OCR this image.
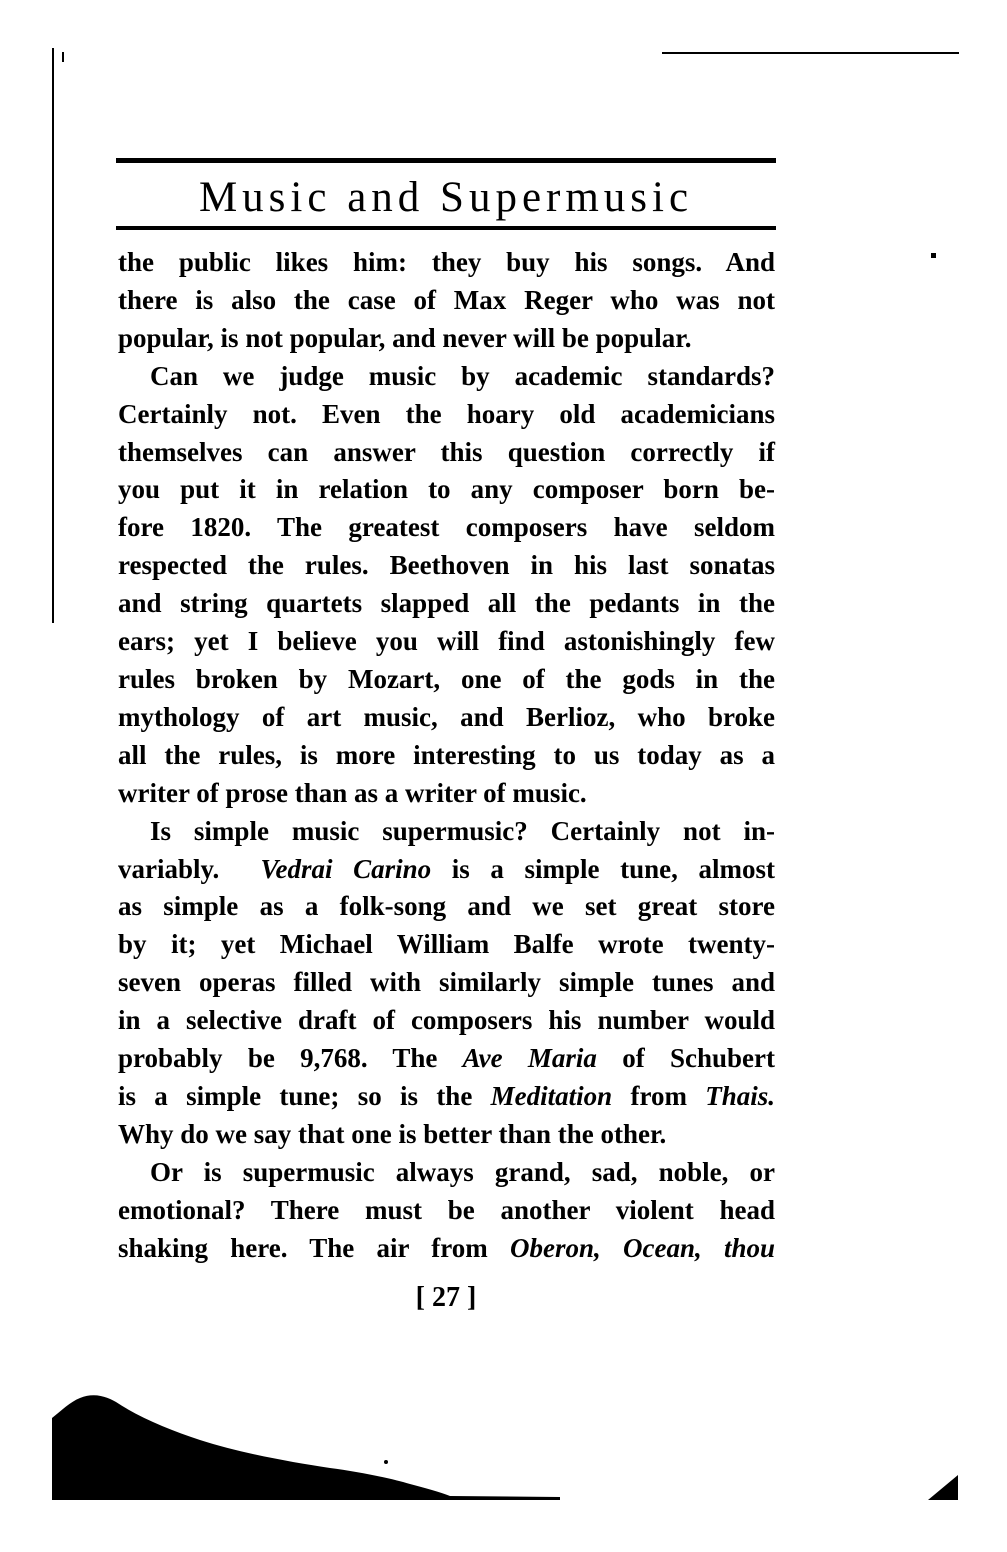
Music and Supermusic

the public likes him: they buy his songs. And

there is also the case of Max Reger who was not

popular, is not popular, and never will be popular.

Can we judge music by academic standards?

Certainly not. Even the hoary old academicians

themselves can answer this question correctly if

you put it in relation to any composer born be-

fore 1820. The greatest composers have seldom

respected the rules. Beethoven in his last sonatas

and string quartets slapped all the pedants in the

ears; yet I believe you will find astonishingly few

rules broken by Mozart, one of the gods in the

mythology of art music, and Berlioz, who broke

all the rules, is more interesting to us today as a

writer of prose than as a writer of music.

Is simple music supermusic? Certainly not in-

variably. Vedrai Carino is a simple tune, almost

as simple as a folk-song and we set great store

by it; yet Michael William Balfe wrote twenty-

seven operas filled with similarly simple tunes and

in a selective draft of composers his number would

probably be 9,768. The Ave Maria of Schubert

is a simple tune; so is the Meditation from Thais.

Why do we say that one is better than the other.

Or is supermusic always grand, sad, noble, or

emotional? There must be another violent head

shaking here. The air from Oberon, Ocean, thou

[ 27 ]
